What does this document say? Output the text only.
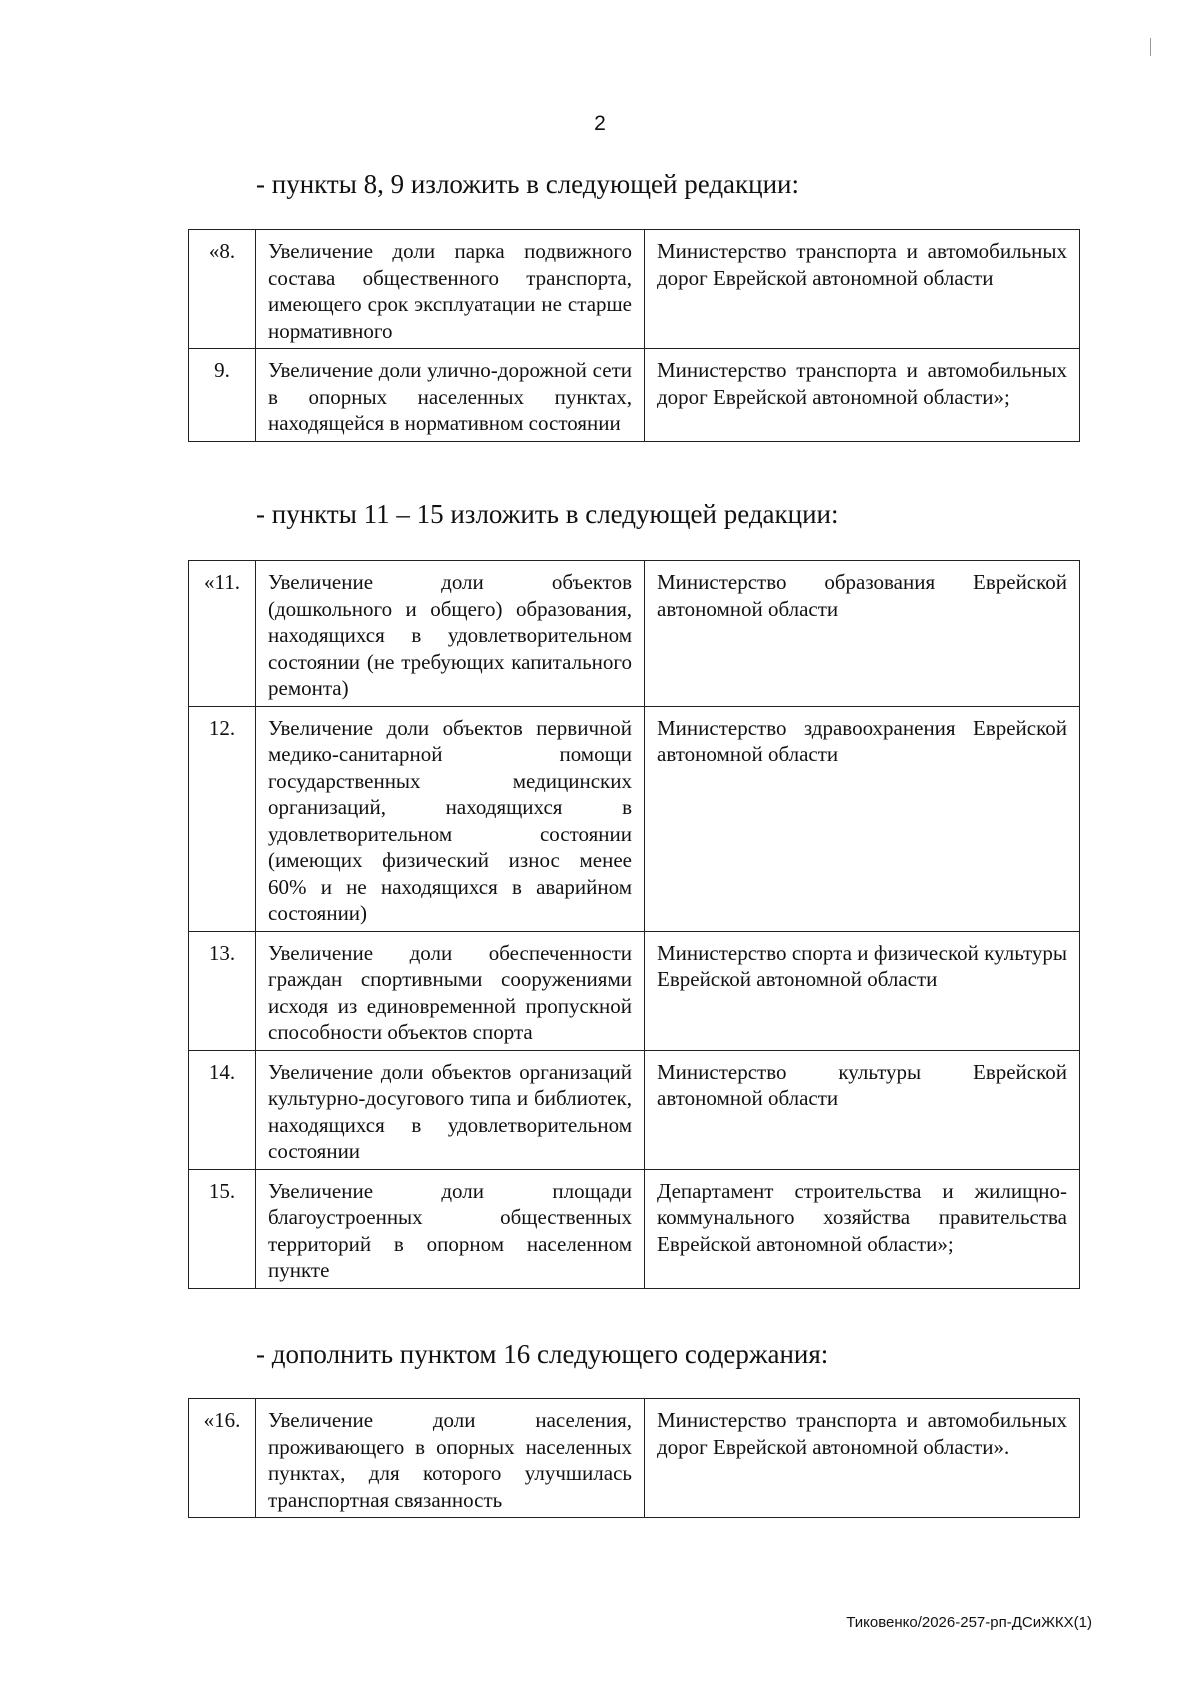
2
- пункты 8, 9 изложить в следующей редакции:
«8.	Увеличение доли парка подвижного состава общественного транспорта, имеющего срок эксплуатации не старше нормативного	Министерство транспорта и автомобильных дорог Еврейской автономной области
9.	Увеличение доли улично-дорожной сети в опорных населенных пунктах, находящейся в нормативном состоянии	Министерство транспорта и автомобильных дорог Еврейской автономной области»;
- пункты 11 – 15 изложить в следующей редакции:
«11.	Увеличение доли объектов (дошкольного и общего) образования, находящихся в удовлетворительном состоянии (не требующих капитального ремонта)	Министерство образования Еврейской автономной области
12.	Увеличение доли объектов первичной медико-санитарной помощи государственных медицинских организаций, находящихся в удовлетворительном состоянии (имеющих физический износ менее 60% и не находящихся в аварийном состоянии)	Министерство здравоохранения Еврейской автономной области
13.	Увеличение доли обеспеченности граждан спортивными сооружениями исходя из единовременной пропускной способности объектов спорта	Министерство спорта и физической культуры Еврейской автономной области
14.	Увеличение доли объектов организаций культурно-досугового типа и библиотек, находящихся в удовлетворительном состоянии	Министерство культуры Еврейской автономной области
15.	Увеличение доли площади благоустроенных общественных территорий в опорном населенном пункте	Департамент строительства и жилищно-коммунального хозяйства правительства Еврейской автономной области»;
- дополнить пунктом 16 следующего содержания:
«16.	Увеличение доли населения, проживающего в опорных населенных пунктах, для которого улучшилась транспортная связанность	Министерство транспорта и автомобильных дорог Еврейской автономной области».
Тиковенко/2026-257-рп-ДСиЖКХ(1)
